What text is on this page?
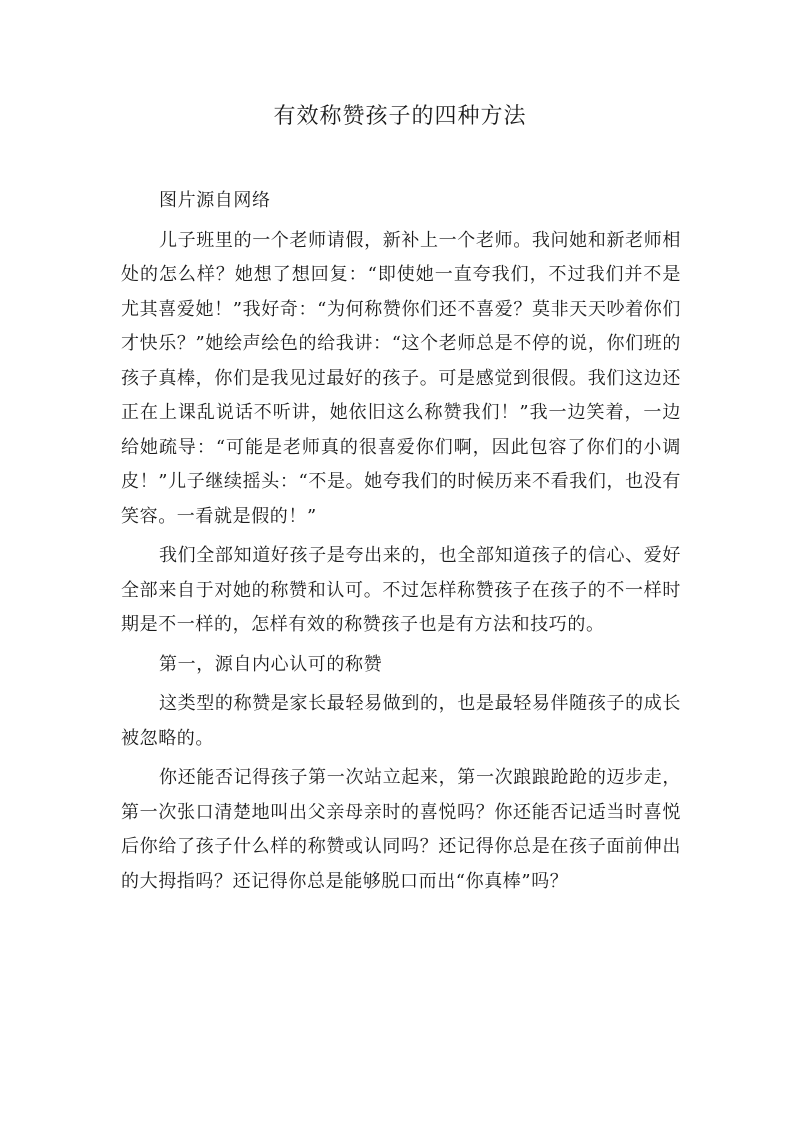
有效称赞孩子的四种方法

图片源自网络

儿子班里的一个老师请假，新补上一个老师。我问她和新老师相处的怎么样？她想了想回复：“即使她一直夸我们，不过我们并不是尤其喜爱她！”我好奇：“为何称赞你们还不喜爱？莫非天天吵着你们才快乐？”她绘声绘色的给我讲：“这个老师总是不停的说，你们班的孩子真棒，你们是我见过最好的孩子。可是感觉到很假。我们这边还正在上课乱说话不听讲，她依旧这么称赞我们！”我一边笑着，一边给她疏导：“可能是老师真的很喜爱你们啊，因此包容了你们的小调皮！”儿子继续摇头：“不是。她夸我们的时候历来不看我们，也没有笑容。一看就是假的！”

我们全部知道好孩子是夸出来的，也全部知道孩子的信心、爱好全部来自于对她的称赞和认可。不过怎样称赞孩子在孩子的不一样时期是不一样的，怎样有效的称赞孩子也是有方法和技巧的。

第一，源自内心认可的称赞

这类型的称赞是家长最轻易做到的，也是最轻易伴随孩子的成长被忽略的。

你还能否记得孩子第一次站立起来，第一次踉踉跄跄的迈步走，第一次张口清楚地叫出父亲母亲时的喜悦吗？你还能否记适当时喜悦后你给了孩子什么样的称赞或认同吗？还记得你总是在孩子面前伸出的大拇指吗？还记得你总是能够脱口而出“你真棒”吗？
